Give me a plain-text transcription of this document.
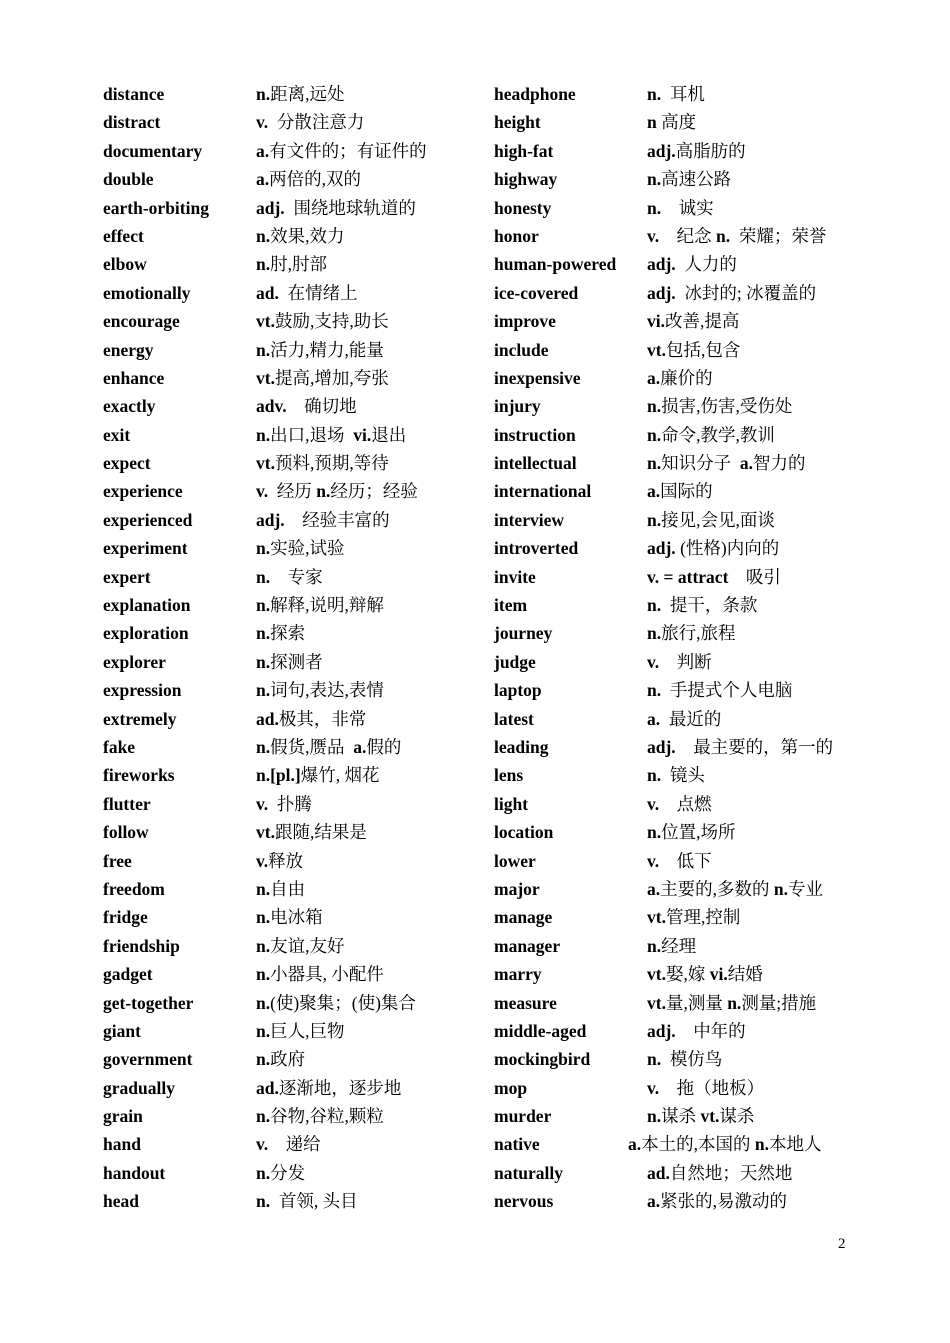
distance	n.距离,远处
distract	v.  分散注意力
documentary	a.有文件的；有证件的
double	a.两倍的,双的
earth-orbiting	adj.  围绕地球轨道的
effect	n.效果,效力
elbow	n.肘,肘部
emotionally	ad.  在情绪上
encourage	vt.鼓励,支持,助长
energy	n.活力,精力,能量
enhance	vt.提高,增加,夸张
exactly	adv.    确切地
exit	n.出口,退场  vi.退出
expect	vt.预料,预期,等待
experience	v.  经历 n.经历；经验
experienced	adj.    经验丰富的
experiment	n.实验,试验
expert	n.    专家
explanation	n.解释,说明,辩解
exploration	n.探索
explorer	n.探测者
expression	n.词句,表达,表情
extremely	ad.极其，非常
fake	n.假货,赝品  a.假的
fireworks	n.[pl.]爆竹, 烟花
flutter	v.  扑腾
follow	vt.跟随,结果是
free	v.释放
freedom	n.自由
fridge	n.电冰箱
friendship	n.友谊,友好
gadget	n.小器具, 小配件
get-together	n.(使)聚集；(使)集合
giant	n.巨人,巨物
government	n.政府
gradually	ad.逐渐地，逐步地
grain	n.谷物,谷粒,颗粒
hand	v.    递给
handout	n.分发
head	n.  首领, 头目
headphone	n.  耳机
height	n 高度
high-fat	adj.高脂肪的
highway	n.高速公路
honesty	n.    诚实
honor	v.    纪念 n.  荣耀；荣誉
human-powered adj.  人力的
ice-covered	adj.  冰封的; 冰覆盖的
improve	vi.改善,提高
include	vt.包括,包含
inexpensive	a.廉价的
injury	n.损害,伤害,受伤处
instruction	n.命令,教学,教训
intellectual	n.知识分子  a.智力的
international	a.国际的
interview	n.接见,会见,面谈
introverted	adj. (性格)内向的
invite	v. = attract    吸引
item	n.  提干，条款
journey	n.旅行,旅程
judge	v.    判断
laptop	n.  手提式个人电脑
latest	a.  最近的
leading	adj.    最主要的，第一的
lens	n.  镜头
light	v.    点燃
location	n.位置,场所
lower	v.    低下
major	a.主要的,多数的 n.专业
manage	vt.管理,控制
manager	n.经理
marry	vt.娶,嫁 vi.结婚
measure	vt.量,测量 n.测量;措施
middle-aged	adj.    中年的
mockingbird	n.  模仿鸟
mop	v.    拖（地板）
murder	n.谋杀 vt.谋杀
native	a.本土的,本国的 n.本地人
naturally	ad.自然地；天然地
nervous	a.紧张的,易激动的
2
